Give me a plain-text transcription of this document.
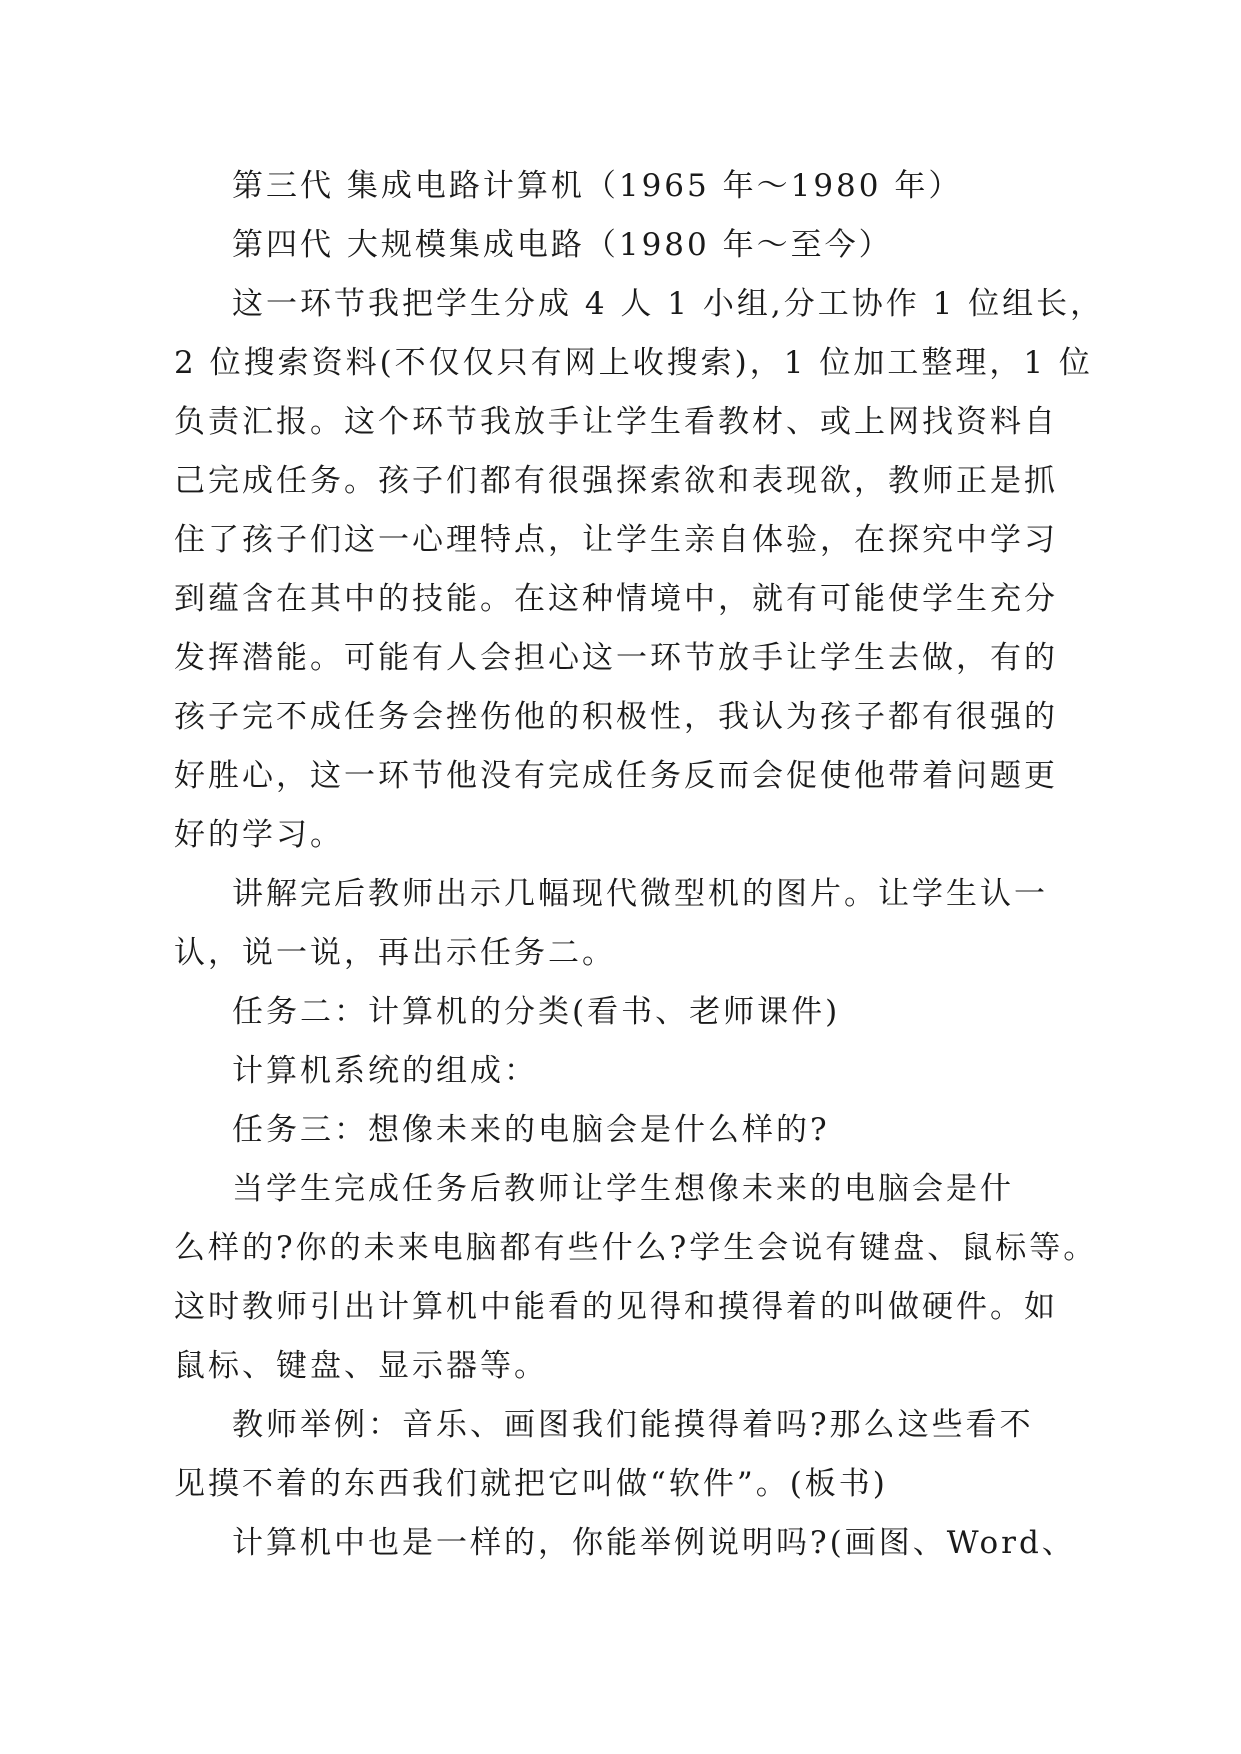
第三代 集成电路计算机（1965 年～1980 年）
第四代 大规模集成电路（1980 年～至今）
这一环节我把学生分成 4 人 1 小组,分工协作 1 位组长，
2 位搜索资料(不仅仅只有网上收搜索)，1 位加工整理，1 位
负责汇报。这个环节我放手让学生看教材、或上网找资料自
己完成任务。孩子们都有很强探索欲和表现欲，教师正是抓
住了孩子们这一心理特点，让学生亲自体验，在探究中学习
到蕴含在其中的技能。在这种情境中，就有可能使学生充分
发挥潜能。可能有人会担心这一环节放手让学生去做，有的
孩子完不成任务会挫伤他的积极性，我认为孩子都有很强的
好胜心，这一环节他没有完成任务反而会促使他带着问题更
好的学习。
讲解完后教师出示几幅现代微型机的图片。让学生认一
认，说一说，再出示任务二。
任务二：计算机的分类(看书、老师课件)
计算机系统的组成：
任务三：想像未来的电脑会是什么样的?
当学生完成任务后教师让学生想像未来的电脑会是什
么样的?你的未来电脑都有些什么?学生会说有键盘、鼠标等。
这时教师引出计算机中能看的见得和摸得着的叫做硬件。如
鼠标、键盘、显示器等。
教师举例：音乐、画图我们能摸得着吗?那么这些看不
见摸不着的东西我们就把它叫做“软件”。(板书)
计算机中也是一样的，你能举例说明吗?(画图、Word、
